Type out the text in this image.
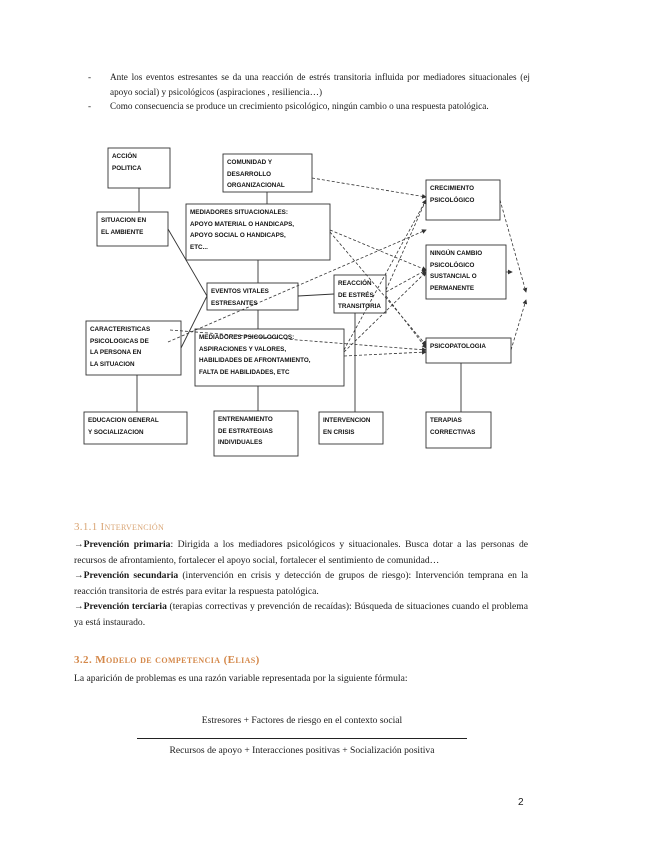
- Ante los eventos estresantes se da una reacción de estrés transitoria influida por mediadores situacionales (ej apoyo social) y psicológicos (aspiraciones , resiliencia…)
- Como consecuencia se produce un crecimiento psicológico, ningún cambio o una respuesta patológica.
ACCIÓN
POLITICA
COMUNIDAD Y
DESARROLLO
ORGANIZACIONAL	CRECIMIENTO
PSICOLÓGICO
SITUACION EN
EL AMBIENTE
MEDIADORES SITUACIONALES:
APOYO MATERIAL O HANDICAPS,
APOYO SOCIAL O HANDICAPS,
ETC...
NINGÚN CAMBIO
PSICOLÓGICO
SUSTANCIAL O
PERMANENTE
EVENTOS VITALES
ESTRESANTES
REACCIÓN
DE ESTRÉS
TRANSITORIA
CARACTERISTICAS
PSICOLOGICAS DE
LA PERSONA EN
LA SITUACION
MEDIADORES PSICOLOGICOS:
ASPIRACIONES Y VALORES,
HABILIDADES DE AFRONTAMIENTO,
FALTA DE HABILIDADES, ETC
PSICOPATOLOGIA
EDUCACION GENERAL
Y SOCIALIZACION
ENTRENAMIENTO
DE ESTRATEGIAS
INDIVIDUALES
INTERVENCION
EN CRISIS
TERAPIAS
CORRECTIVAS
3.1.1 Intervención

→Prevención primaria: Dirigida a los mediadores psicológicos y situacionales. Busca dotar a las personas de recursos de afrontamiento, fortalecer el apoyo social, fortalecer el sentimiento de comunidad…

→Prevención secundaria (intervención en crisis y detección de grupos de riesgo): Intervención temprana en la reacción transitoria de estrés para evitar la respuesta patológica.

→Prevención terciaria (terapias correctivas y prevención de recaídas): Búsqueda de situaciones cuando el problema ya está instaurado.

3.2. Modelo de competencia (Elias)
La aparición de problemas es una razón variable representada por la siguiente fórmula:
Estresores + Factores de riesgo en el contexto social
Recursos de apoyo + Interacciones positivas + Socialización positiva
2
